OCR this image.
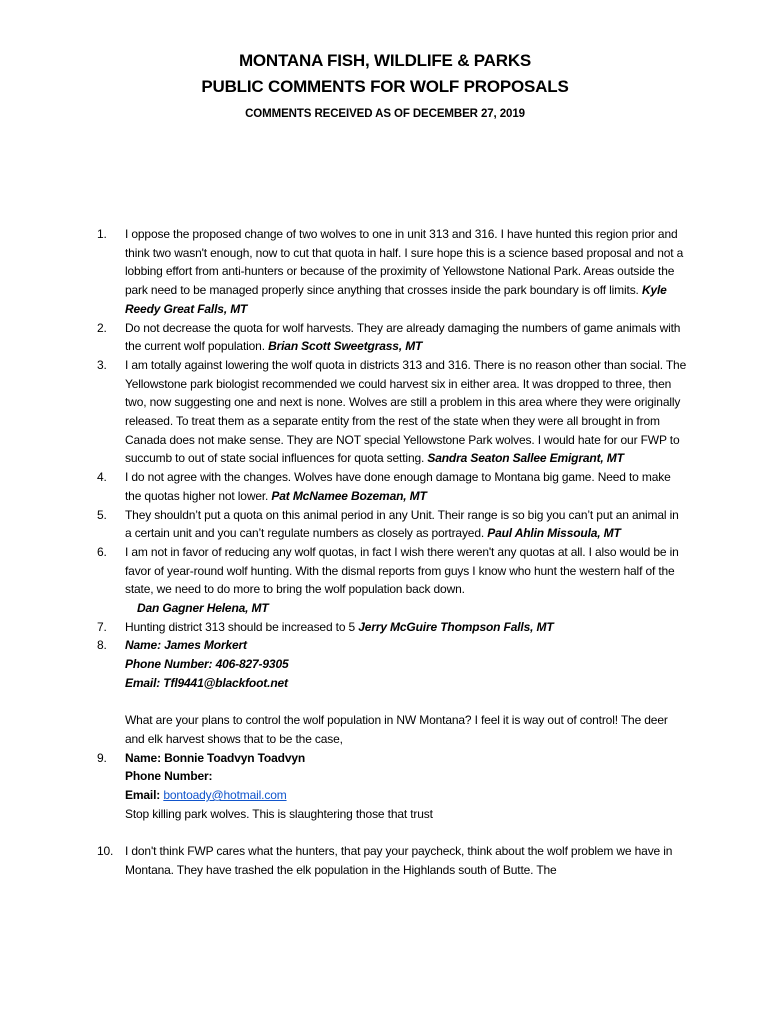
MONTANA FISH, WILDLIFE & PARKS
PUBLIC COMMENTS FOR WOLF PROPOSALS
COMMENTS RECEIVED AS OF DECEMBER 27, 2019
1.	I oppose the proposed change of two wolves to one in unit 313 and 316. I have hunted this region prior and think two wasn't enough, now to cut that quota in half. I sure hope this is a science based proposal and not a lobbing effort from anti-hunters or because of the proximity of Yellowstone National Park. Areas outside the park need to be managed properly since anything that crosses inside the park boundary is off limits. Kyle Reedy Great Falls, MT
2.	Do not decrease the quota for wolf harvests. They are already damaging the numbers of game animals with the current wolf population. Brian Scott Sweetgrass, MT
3.	I am totally against lowering the wolf quota in districts 313 and 316. There is no reason other than social. The Yellowstone park biologist recommended we could harvest six in either area. It was dropped to three, then two, now suggesting one and next is none. Wolves are still a problem in this area where they were originally released. To treat them as a separate entity from the rest of the state when they were all brought in from Canada does not make sense. They are NOT special Yellowstone Park wolves. I would hate for our FWP to succumb to out of state social influences for quota setting. Sandra Seaton Sallee Emigrant, MT
4.	I do not agree with the changes. Wolves have done enough damage to Montana big game. Need to make the quotas higher not lower. Pat McNamee Bozeman, MT
5.	They shouldn’t put a quota on this animal period in any Unit. Their range is so big you can’t put an animal in a certain unit and you can’t regulate numbers as closely as portrayed. Paul Ahlin Missoula, MT
6.	I am not in favor of reducing any wolf quotas, in fact I wish there weren't any quotas at all. I also would be in favor of year-round wolf hunting. With the dismal reports from guys I know who hunt the western half of the state, we need to do more to bring the wolf population back down.
Dan Gagner Helena, MT
7.	Hunting district 313 should be increased to 5 Jerry McGuire Thompson Falls, MT
8.	Name: James Morkert
Phone Number: 406-827-9305
Email: Tfl9441@blackfoot.net
What are your plans to control the wolf population in NW Montana? I feel it is way out of control! The deer and elk harvest shows that to be the case,
9.	Name: Bonnie Toadvyn Toadvyn
Phone Number:
Email: bontoady@hotmail.com
Stop killing park wolves. This is slaughtering those that trust
10. I don't think FWP cares what the hunters, that pay your paycheck, think about the wolf problem we have in Montana. They have trashed the elk population in the Highlands south of Butte. The
